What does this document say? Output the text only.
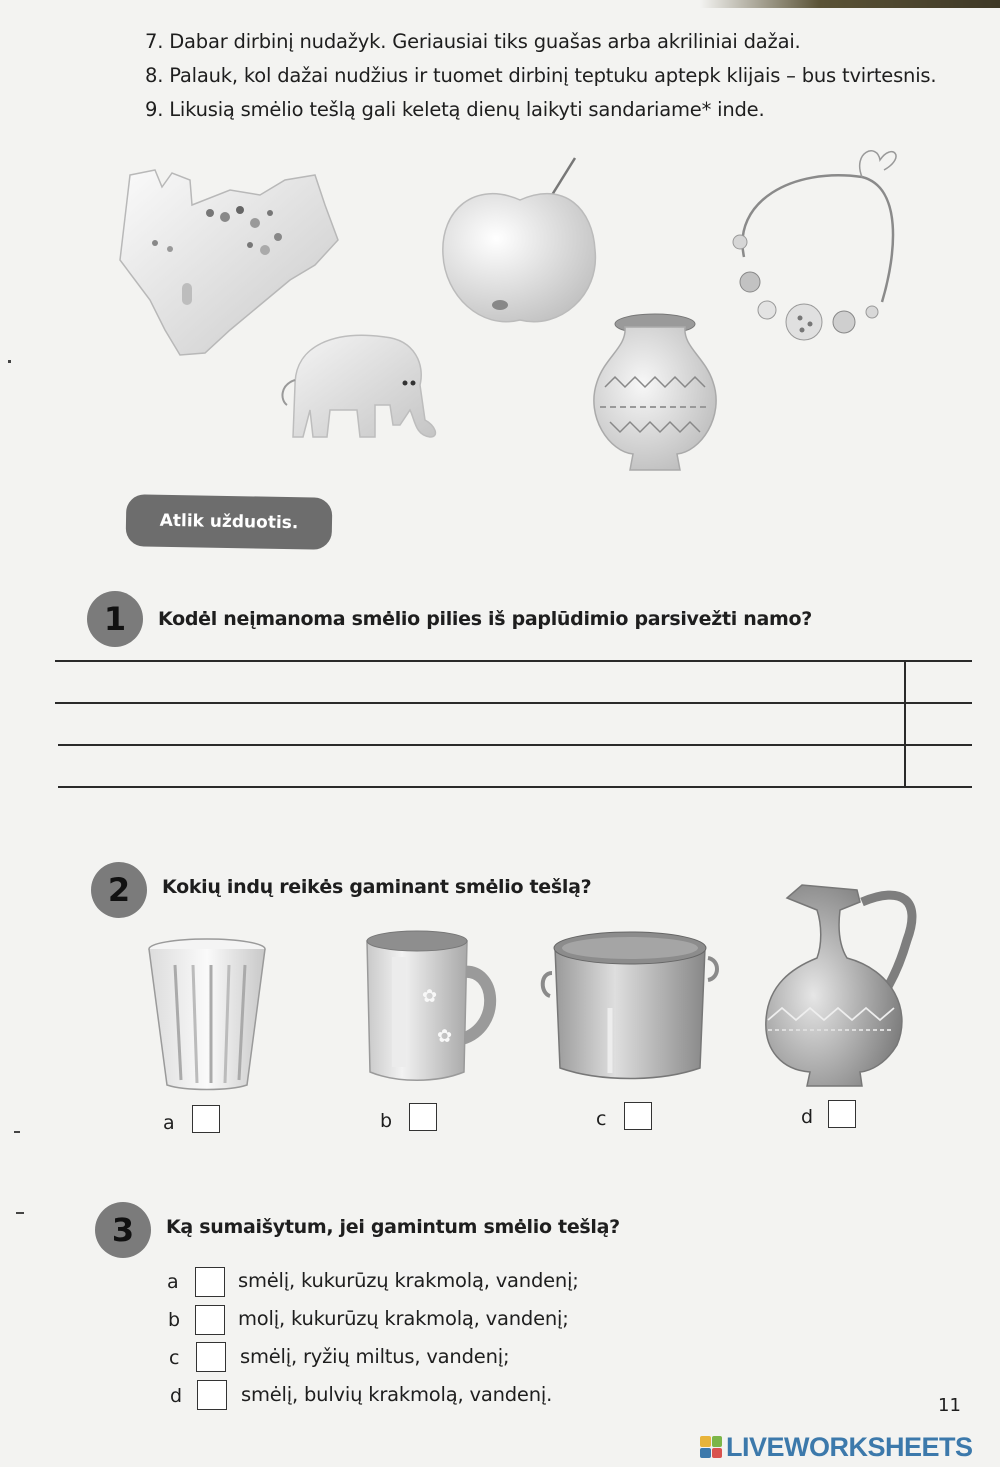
7. Dabar dirbinį nudažyk. Geriausiai tiks guašas arba akriliniai dažai.
8. Palauk, kol dažai nudžius ir tuomet dirbinį teptuku aptepk klijais – bus tvirtesnis.
9. Likusią smėlio tešlą gali keletą dienų laikyti sandariame* inde.
Atlik užduotis.
1	Kodėl neįmanoma smėlio pilies iš paplūdimio parsivežti namo?
2	Kokių indų reikės gaminant smėlio tešlą?
✿
✿
a	b	c	d
3	Ką sumaišytum, jei gamintum smėlio tešlą?
a	smėlį, kukurūzų krakmolą, vandenį;
b	molį, kukurūzų krakmolą, vandenį;
c	smėlį, ryžių miltus, vandenį;
d	smėlį, bulvių krakmolą, vandenį.	11
LIVEWORKSHEETS
